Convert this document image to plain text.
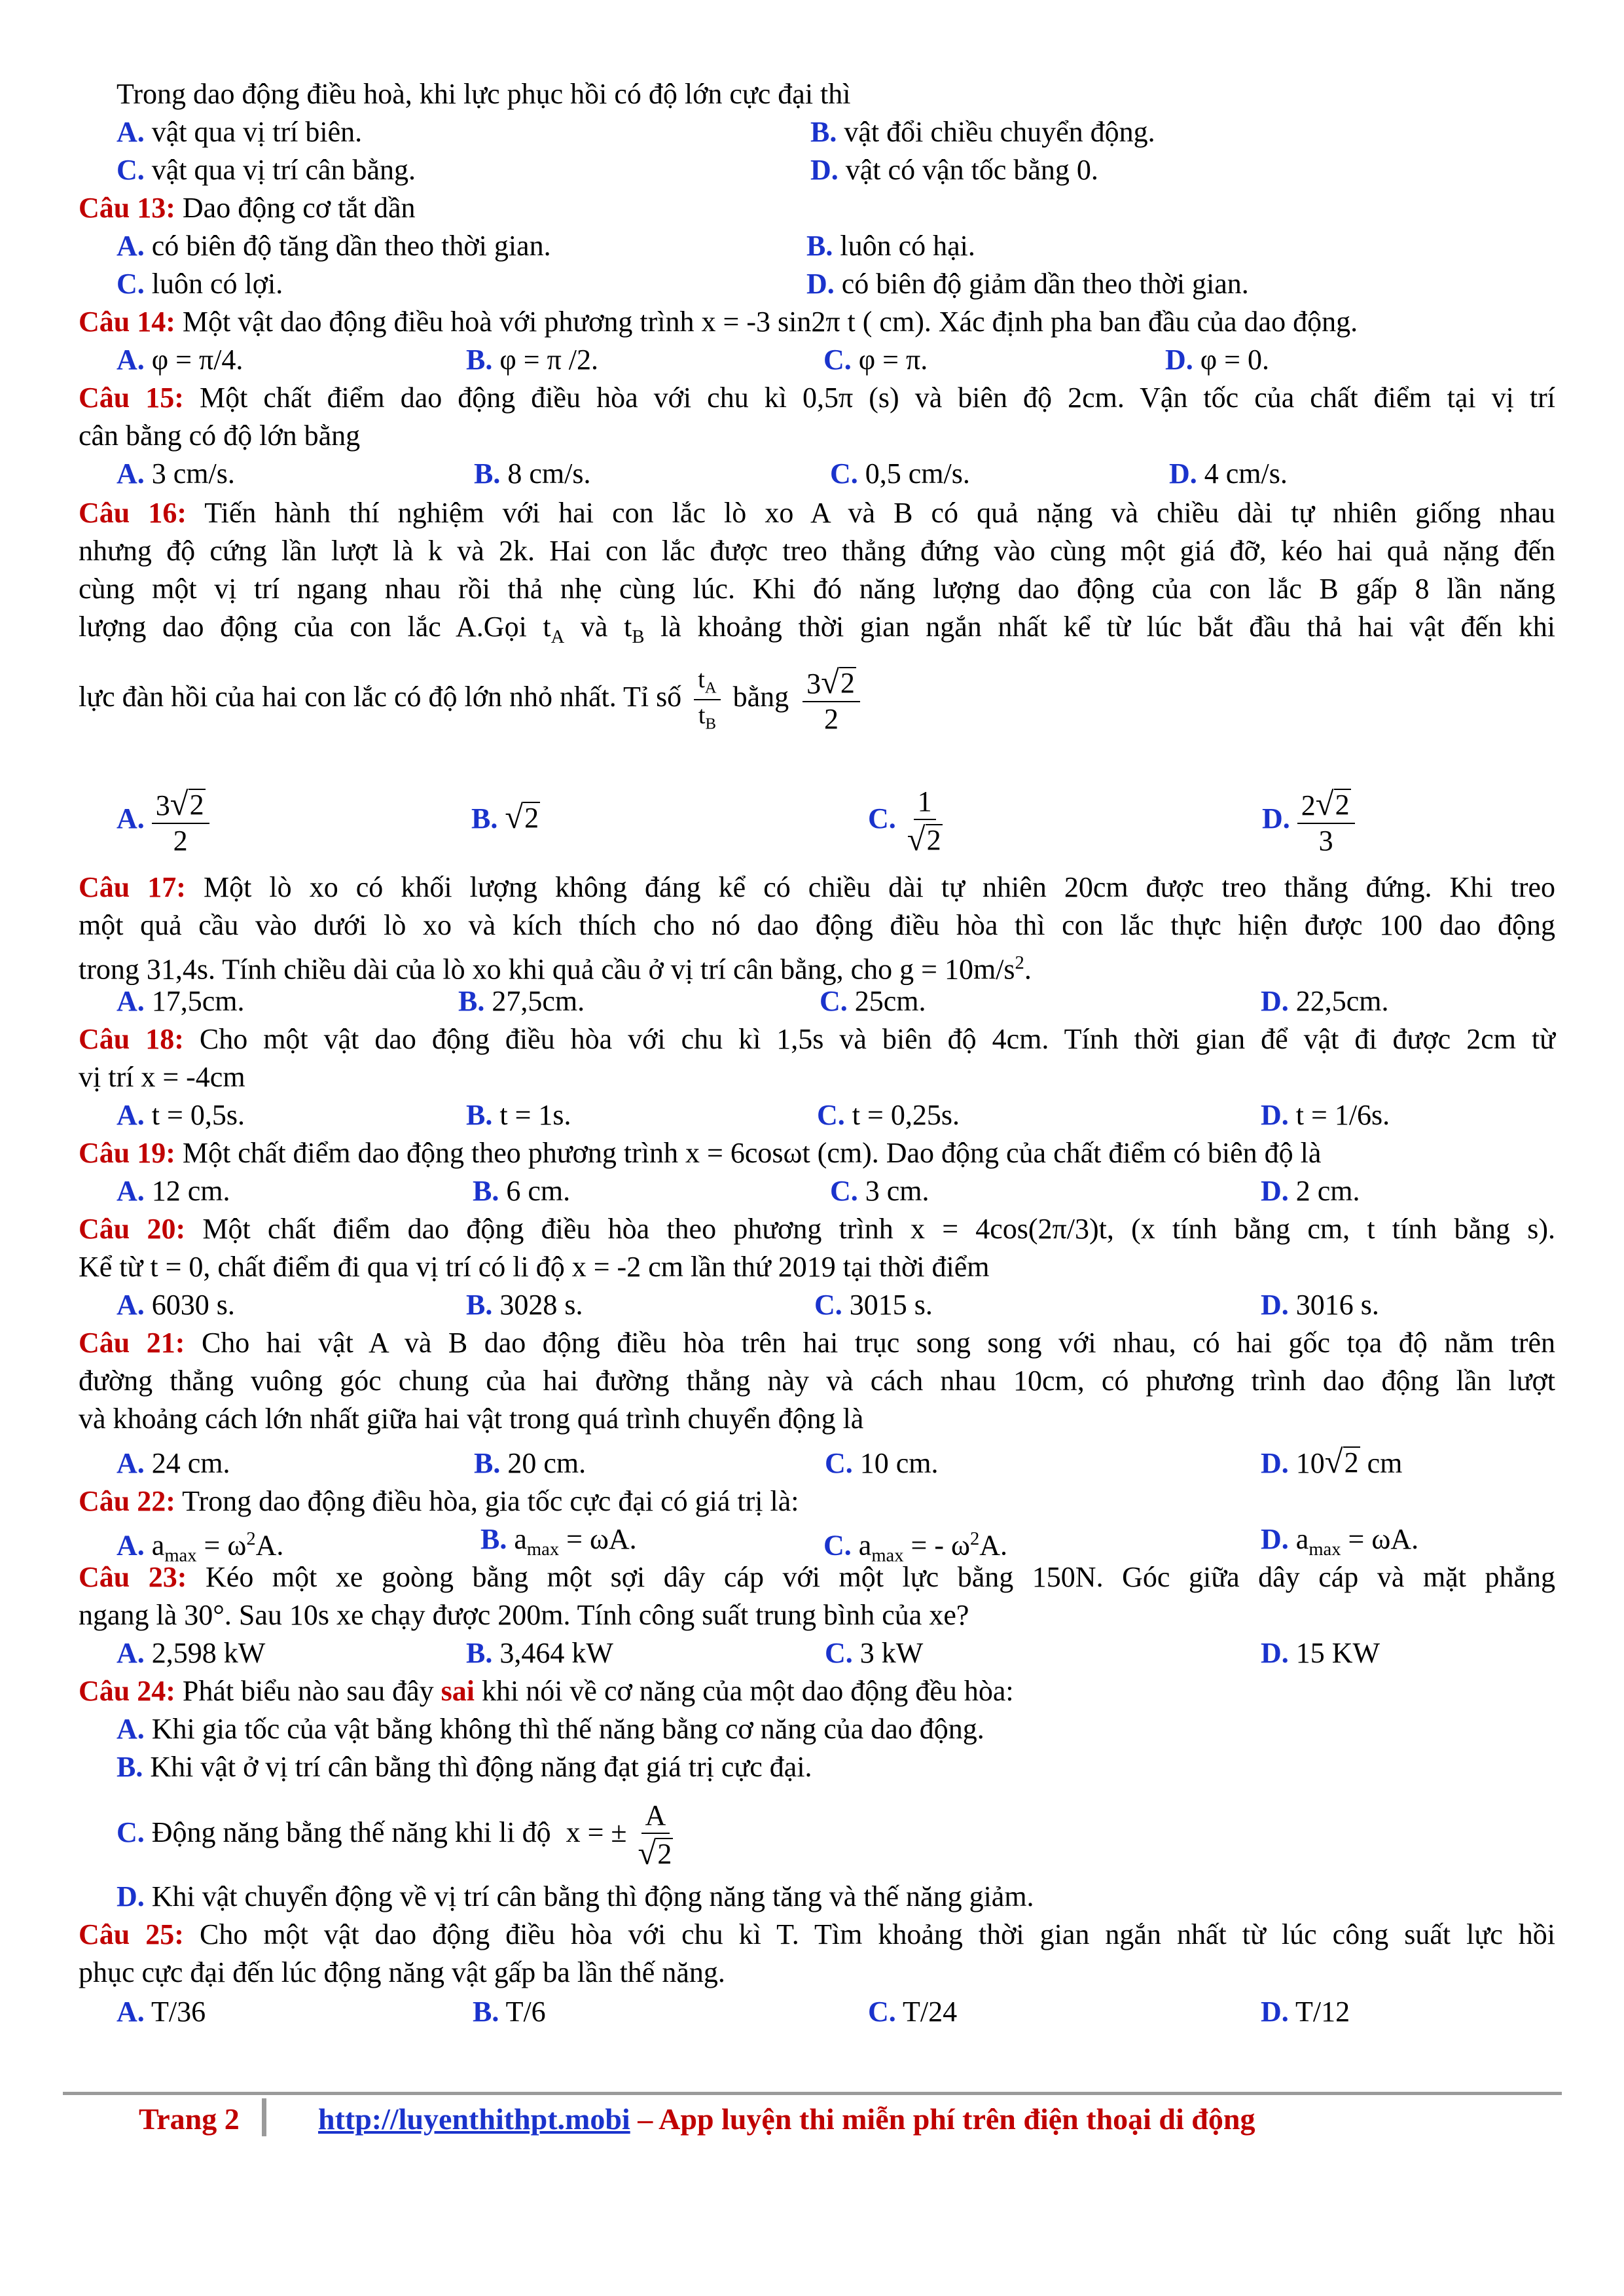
Trong dao động điều hoà, khi lực phục hồi có độ lớn cực đại thì
A. vật qua vị trí biên.	B. vật đổi chiều chuyển động.
C. vật qua vị trí cân bằng.	D. vật có vận tốc bằng 0.
Câu 13: Dao động cơ tắt dần
A. có biên độ tăng dần theo thời gian.	B. luôn có hại.
C. luôn có lợi.	D. có biên độ giảm dần theo thời gian.
Câu 14: Một vật dao động điều hoà với phương trình x = -3 sin2π t ( cm). Xác định pha ban đầu của dao động.
A. φ = π/4.	B. φ = π /2.	C. φ = π.	D. φ = 0.
Câu 15: Một chất điểm dao động điều hòa với chu kì 0,5π (s) và biên độ 2cm. Vận tốc của chất điểm tại vị trí
cân bằng có độ lớn bằng
A. 3 cm/s.	B. 8 cm/s.	C. 0,5 cm/s.	D. 4 cm/s.
Câu 16: Tiến hành thí nghiệm với hai con lắc lò xo A và B có quả nặng và chiều dài tự nhiên giống nhau
nhưng độ cứng lần lượt là k và 2k. Hai con lắc được treo thẳng đứng vào cùng một giá đỡ, kéo hai quả nặng đến
cùng một vị trí ngang nhau rồi thả nhẹ cùng lúc. Khi đó năng lượng dao động của con lắc B gấp 8 lần năng
lượng dao động của con lắc A.Gọi $t_A$ và $t_B$ là khoảng thời gian ngắn nhất kể từ lúc bắt đầu thả hai vật đến khi
lực đàn hồi của hai con lắc có độ lớn nhỏ nhất. Tỉ số $\frac{t_A}{t_B}$ bằng $\frac{3 √ 2}{2}$
A. $\frac{3 √ 2}{2}$	B. √ 2	C. $\frac{1}{√ 2}$	D. $\frac{2 √ 2}{3}$
Câu 17: Một lò xo có khối lượng không đáng kể có chiều dài tự nhiên 20cm được treo thẳng đứng. Khi treo
một quả cầu vào dưới lò xo và kích thích cho nó dao động điều hòa thì con lắc thực hiện được 100 dao động
trong 31,4s. Tính chiều dài của lò xo khi quả cầu ở vị trí cân bằng, cho $g = 10m/s^2$.
A. 17,5cm.	B. 27,5cm.	C. 25cm.	D. 22,5cm.
Câu 18: Cho một vật dao động điều hòa với chu kì 1,5s và biên độ 4cm. Tính thời gian để vật đi được 2cm từ
vị trí x = -4cm
A. t = 0,5s.	B. t = 1s.	C. t = 0,25s.	D. t = 1/6s.
Câu 19: Một chất điểm dao động theo phương trình x = 6cosωt (cm). Dao động của chất điểm có biên độ là
A. 12 cm.	B. 6 cm.	C. 3 cm.	D. 2 cm.
Câu 20: Một chất điểm dao động điều hòa theo phương trình x = 4cos(2π/3)t, (x tính bằng cm, t tính bằng s).
Kể từ t = 0, chất điểm đi qua vị trí có li độ x = -2 cm lần thứ 2019 tại thời điểm
A. 6030 s.	B. 3028 s.	C. 3015 s.	D. 3016 s.
Câu 21: Cho hai vật A và B dao động điều hòa trên hai trục song song với nhau, có hai gốc tọa độ nằm trên
đường thẳng vuông góc chung của hai đường thẳng này và cách nhau 10cm, có phương trình dao động lần lượt
và khoảng cách lớn nhất giữa hai vật trong quá trình chuyển động là
A. 24 cm.	B. 20 cm.	C. 10 cm.	D. 10 √ 2 cm
Câu 22: Trong dao động điều hòa, gia tốc cực đại có giá trị là:
A. $a_{max} = \omega^2A$.	B. $a_{max} = \omega A$.	C. $a_{max}$ = - $\omega^2A$.	D. $a_{max} = \omega A$.
Câu 23: Kéo một xe goòng bằng một sợi dây cáp với một lực bằng 150N. Góc giữa dây cáp và mặt phẳng
ngang là 30°. Sau 10s xe chạy được 200m. Tính công suất trung bình của xe?
A. 2,598 kW	B. 3,464 kW	C. 3 kW	D. 15 KW
Câu 24: Phát biểu nào sau đây sai khi nói về cơ năng của một dao động đều hòa:
A. Khi gia tốc của vật bằng không thì thế năng bằng cơ năng của dao động.
B. Khi vật ở vị trí cân bằng thì động năng đạt giá trị cực đại.
C. Động năng bằng thế năng khi li độ x = ± $\frac{A}{√ 2}$
D. Khi vật chuyển động về vị trí cân bằng thì động năng tăng và thế năng giảm.
Câu 25: Cho một vật dao động điều hòa với chu kì T. Tìm khoảng thời gian ngắn nhất từ lúc công suất lực hồi
phục cực đại đến lúc động năng vật gấp ba lần thế năng.
A. T/36	B. T/6	C. T/24	D. T/12
Trang 2	http://luyenthithpt.mobi – App luyện thi miễn phí trên điện thoại di động
